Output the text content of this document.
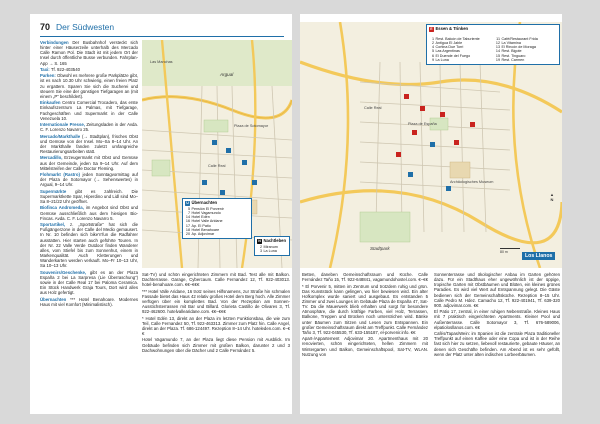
70 Der Südwesten

Verbindungen Der Busbahnhof versteckt sich hinter einer Häuserzeile unterhalb des Mercado Calle Ramon Pol. Die Stadt ist mit jedem Ort der Insel durch öffentliche Busse verbunden. Fahrplan-App → S. 165

Taxi: Tf. 922-403540

Parken: Obwohl es mehrere große Parkplätze gibt, ist es nach 10.30 Uhr schwierig, einen freien Platz zu ergattern. Sparen Sie sich die Sucherei und steuern Sie eine der günstigen Tiefgaragen an (mit einem „P“ beschildert).

Einkaufen Centro Comercial Trocadero, das erste Einkaufszentrum La Palmas, mit Tiefgarage, Fachgeschäften und Supermarkt in der Calle Venezuela 10.

Internationale Presse, Zeitungsladen in der Avda. C. F. Lorenzo Navarro 25.

Mercado/Markthalle (→ Stadtplan), frisches Obst und Gemüse von der Insel. Mo–Sa 8–14 Uhr. An der Markthalle fanden zuletzt umfangreiche Restaurierungsarbeiten statt.

Mercadillo, Erzeugermarkt mit Obst und Gemüse aus der Gemeinde, jeden Sa 9–14 Uhr. Auf dem Mittelstreifen der Calle Doctor Fleming.

Flohmarkt (Rastro) jeden Sonntagvormittag auf der Plaza de Sotomayor (→ Sehenswertes) in Argual, 9–14 Uhr.

Supermärkte gibt es zahlreich. Die Supermarktkette Spar, Hiperdino und Lidl sind Mo–Sa 8–21/22 Uhr geöffnet.

Biofinca Andromeda, im Angebot sind Obst und Gemüse ausschließlich aus dem hiesigen Bio-Fincas. Avda. C. F. Lorenzo Navarro 5.

Sportartikel, z. „Sportstraße“ hat sich die Fußgängerzone in der Calle del Medio gemausert. In Nr. 10 befinden sich bike'n'fun die Radfahrer ausstatten. Hier starten auch geführte Touren. In der Nr. 22 Valle Verde Outdoor finden Wanderer alles, vom Stiefel bis zum Sonnenhut, einem in Markenqualität. Auch Kletterungen und Wanderkarten werden verkauft. Mo–Fr 10–13 Uhr, Sa 10–13 Uhr.

Souvenirs/Geschenke, gibt es an der Plaza España 2 bei La Sarpresa (Lie Überraschung“) sowie in der Calle Real 17 bei Paloma Ceramica. Ein Stück Handwerk Graja Tours, Dort wird alles aus Holz gefertigt.

Übernachten *** Hotel Benahoare. Modernes Haus mit viel Komfort (Minimalistisch).

Argual
Las Manchas
Calle Real
Plaza de Sotomayor
Ü Übernachten
5 Pensión El Porvenir
7 Hotel Vagamundo
14 Hotel Edén
16 Hotel Valle Aridane
17 Ap. El Patio
18 Hotel Benahoare
20 Ap. Adjovimar
N Nachtleben
2 Miranum
3 La Luna

Sat-TV) und schön eingerichteten Zimmern mit Bad. Test alle mit Balkon. Dachterrasse. Garage, Cybercaum. Calle Fernandez 12, Tf. 922-403013. hotel-benahoare.com. €€–€€€

*** Hotel Valle Aridane, 16 trotz seines Hilfsnamens, zur Straße hin schmalen Fassade bietet das Haus 42 relativ großes Hotel dem Berg hoch. Alle Zimmer verfügen über ein komplettes Bad. Von der Rezeption am Sonnen-Ausstichsterrassen mit Bar und Billard. Glorieta Castillo de Olivares 3, Tf. 922-462600. hotelvallearidane.com. €€–€€€

* Hotel Edén 13, direkt an der Plaza im letzten Funktionsbau, die wie zum Teil, Calle Fernandez 50, Tf. 922-463313. Zimmer zum Platz hin. Calle Angel, direkt an der Plaza. Tf. 686-124497. Rezeption 8–14 Uhr. hoteleden.com. €–€€

Hotel Vagamundo 7, an der Plaza liegt diese Pension mit Ausblick. Im Gebäude befinden sich Zimmer mit großen Balkon, darunter 2 und 3 Dachwohnungen über die Dächer und 2 Calle Fernández 5.

E Essen & Trinken
1 Rest. Balcón de Taburiente
2 Antigua El Jable
4 Cortina Due Torri
5 Las Argentinas
6 El Duende del Fuego
9 La Luna
11 Café/Restaurant Frida
12 La Vitamina
13 El Rincón de Moraga
14 Rest. Bigote
15 Rest. Tinguaro
19 Rest. Carmen
Stadtpark
Archäologisches Museum
Plaza de España
Calle Real
▲
N
80 m
Los Llanos

Betten, daneben Gemeinschaftsraum und Küche. Calle Fernández Taño 15, Tf. 922-648841, vagamundohostel.com. €–€€

* El Porvenir 5, mitten im Zentrum und trotzdem ruhig und grün. Das Kunststück kann gelingen, wo hier bewiesen wird. Ein alter Hofkomplex wurde saniert und ausgebaut. Es entstanden 5 Zimmer und zwei Lounges im Gebäude Plaza de España 47, Sat-TV. Da die Mauerwerk blieb erhalten und sorgt für besondere Atmosphäre, die durch kräftige Farben, viel Holz, Terrassen, Balkone, Treppen und Brücken noch unterstrichen wird. Bänke unter Bäumen zum Sitzen und Lesen zum Entspannen. Ein großer Gemeinschaftsraum direkt am Treffpunkt. Calle Fernández Taño 3, Tf. 922-045530, Tf. 633-155187, el-porvenir.info. €€

Apart-/Appartement Adjovimar 20. Apartmenthaus mit 20 renovierten, schön eingerichteten, hellen Zimmern mit Wintergarten und Balkon, Gemeinschaftspool, Sat-TV, WLAN. Nutzung von

Sonnenterrasse und ökologischer Anbau im Garten gehören dazu. Für ein Stadthaus eher ungewöhnlich ist der üppige, tropische Garten mit Obstbäumen und Blüten, ein kleines grünes Paradies. Es wird viel Wert auf Entspannung gelegt. Die Gäste bedienen sich der Gemeinschaftsküche. Rezeption 8–15 Uhr. Calle Pedro M. Hdez. Camacho 12, Tf. 922-401941, Tf. 639-320 900. adjovimar.com. €€

El Patio 17, zentral, in einer ruhigen Nebenstraße. Kleines Haus mit 7 praktisch eingerichteten Apartments. Kleiner Pool und Außenterrasse. Calle Sotomayor 3, Tf. 676-589006, elpatiolosllanos.com. €€

Cafés/Tapas/Wein: im Spanien ist die zentrale Plaza traditioneller Treffpunkt auf einen Kaffee oder eine Copa und ist in der Reihe fast sich hier zu setzen, liebevoll restaurierte, gebaute Häuser, an denen sich Geschäfte befinden. Am Abend ist es sehr gefüllt, wenn der Platz unter alten indischen Lorbeerbäumen.
